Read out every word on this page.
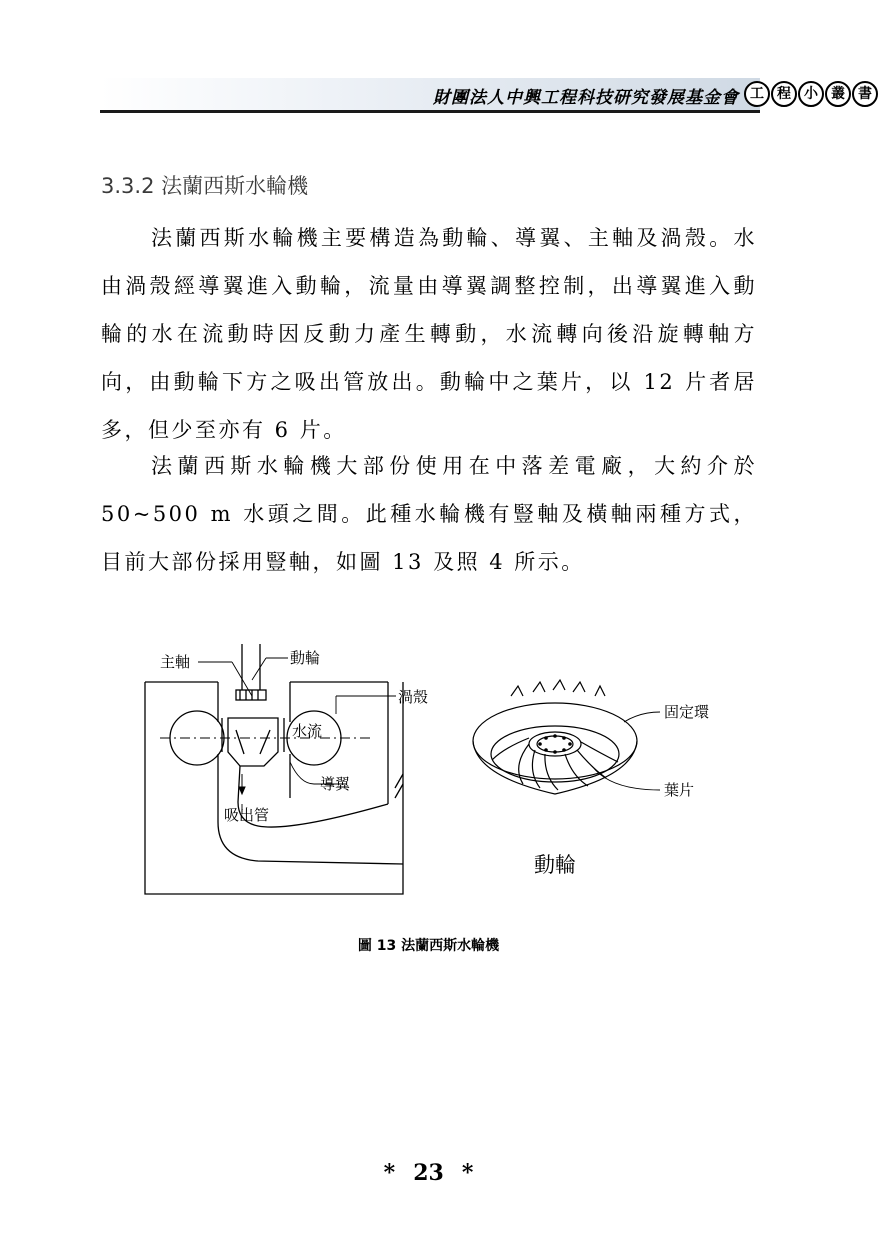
財團法人中興工程科技研究發展基金會 工 程 小 叢 書
3.3.2 法蘭西斯水輪機

法蘭西斯水輪機主要構造為動輪、導翼、主軸及渦殼。水由渦殼經導翼進入動輪，流量由導翼調整控制，出導翼進入動輪的水在流動時因反動力產生轉動，水流轉向後沿旋轉軸方向，由動輪下方之吸出管放出。動輪中之葉片，以 12 片者居多，但少至亦有 6 片。

法蘭西斯水輪機大部份使用在中落差電廠，大約介於50~500 m 水頭之間。此種水輪機有豎軸及橫軸兩種方式，目前大部份採用豎軸，如圖 13 及照 4 所示。

主軸	動輪
渦殼
水流
導翼
吸出管
固定環
葉片
動輪
圖 13 法蘭西斯水輪機
* 23 *
